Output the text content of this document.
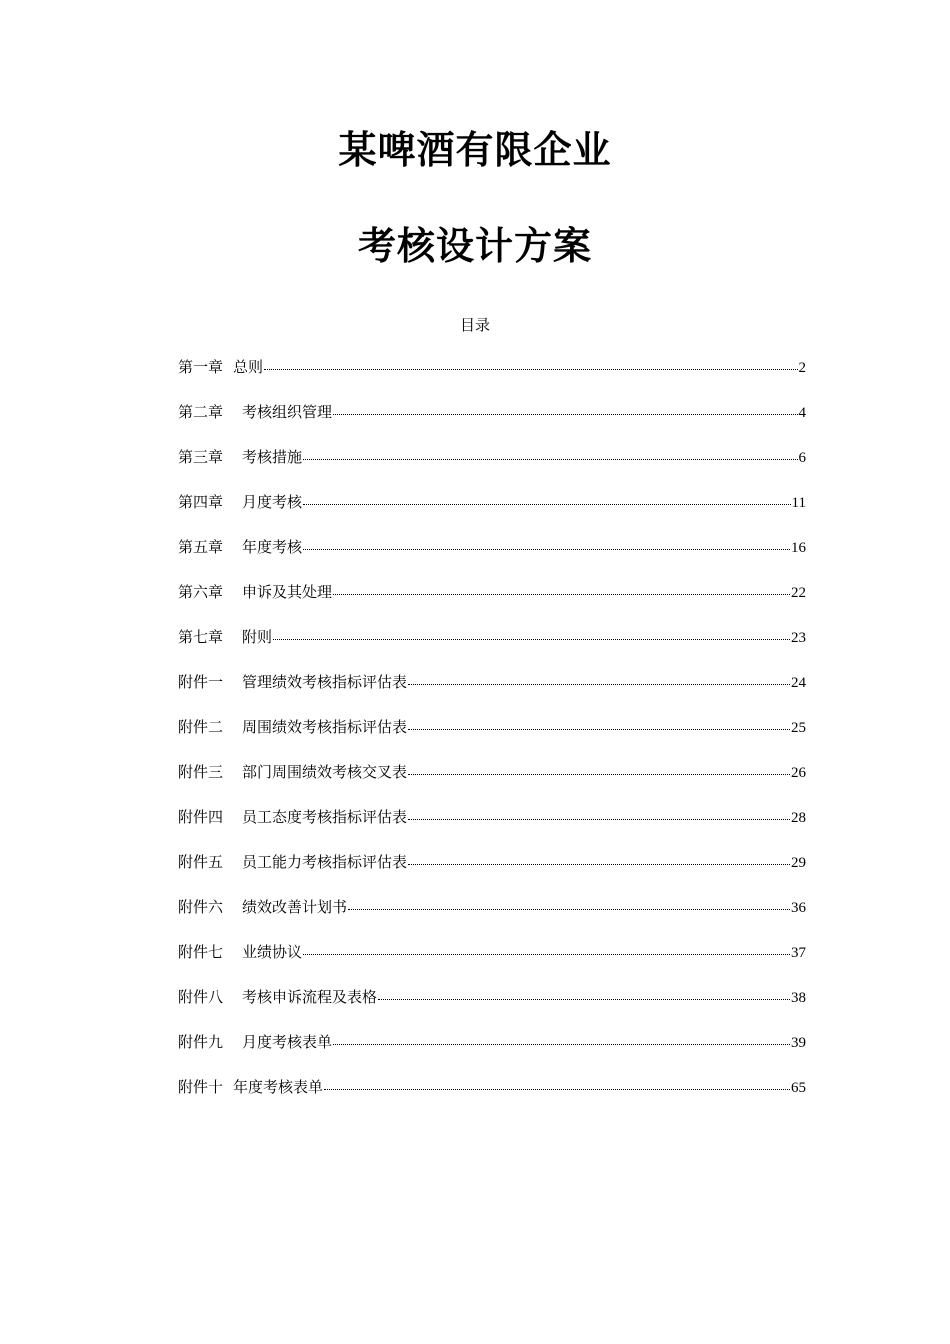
某啤酒有限企业
考核设计方案
目录
第一章 总则	2
第二章 考核组织管理	4
第三章 考核措施	6
第四章 月度考核	11
第五章 年度考核	16
第六章 申诉及其处理	22
第七章 附则	23
附件一 管理绩效考核指标评估表	24
附件二 周围绩效考核指标评估表	25
附件三 部门周围绩效考核交叉表	26
附件四 员工态度考核指标评估表	28
附件五 员工能力考核指标评估表	29
附件六 绩效改善计划书	36
附件七 业绩协议	37
附件八 考核申诉流程及表格	38
附件九 月度考核表单	39
附件十 年度考核表单	65
